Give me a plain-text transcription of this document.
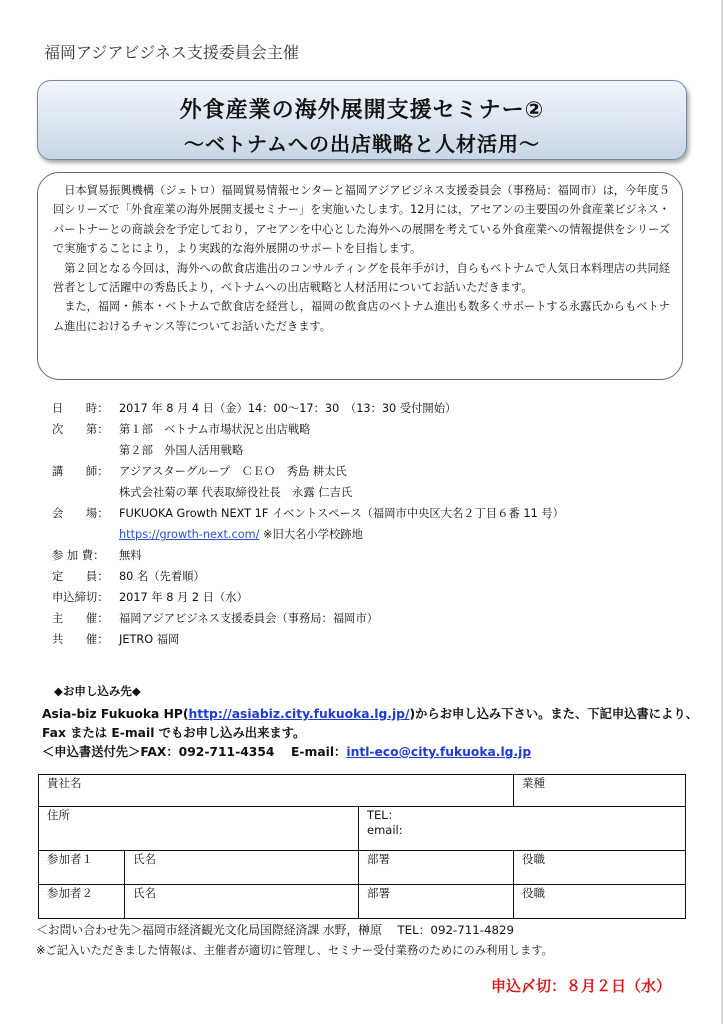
福岡アジアビジネス支援委員会主催
外食産業の海外展開支援セミナー②
～ベトナムへの出店戦略と人材活用～

日本貿易振興機構（ジェトロ）福岡貿易情報センターと福岡アジアビジネス支援委員会（事務局：福岡市）は，今年度５回シリーズで「外食産業の海外展開支援セミナー」を実施いたします。12月には，アセアンの主要国の外食産業ビジネス・パートナーとの商談会を予定しており，アセアンを中心とした海外への展開を考えている外食産業への情報提供をシリーズで実施することにより，より実践的な海外展開のサポートを目指します。

第２回となる今回は，海外への飲食店進出のコンサルティングを長年手がけ，自らもベトナムで人気日本料理店の共同経営者として活躍中の秀島氏より，ベトナムへの出店戦略と人材活用についてお話いただきます。

また，福岡・熊本・ベトナムで飲食店を経営し，福岡の飲食店のベトナム進出も数多くサポートする永露氏からもベトナム進出におけるチャンス等についてお話いただきます。

日　　時： 2017 年 8 月 4 日（金）14：00～17：30　（13：30 受付開始）
次　　第： 第１部　ベトナム市場状況と出店戦略
第２部　外国人活用戦略
講　　師： アジアスターグループ　ＣＥＯ　秀島 耕太氏
株式会社菊の華 代表取締役社長　永露 仁吉氏
会　　場： FUKUOKA Growth NEXT 1F イベントスペース（福岡市中央区大名２丁目６番 11 号）
https://growth-next.com/ ※旧大名小学校跡地
参 加 費：	無料
定　　員： 80 名（先着順）
申込締切： 2017 年 8 月 2 日（水）
主　　催： 福岡アジアビジネス支援委員会（事務局：福岡市）
共　　催： JETRO 福岡
◆お申し込み先◆
Asia-biz Fukuoka HP(http://asiabiz.city.fukuoka.lg.jp/)からお申し込み下さい。また、下記申込書により、
Fax または E-mail でもお申し込み出来ます。
＜申込書送付先＞FAX：092-711-4354　 E-mail：intl-eco@city.fukuoka.lg.jp
貴社名			業種
住所		TEL：
email:	

参加者１	氏名	部署	役職
参加者２	氏名	部署	役職
＜お問い合わせ先＞福岡市経済観光文化局国際経済課 水野，榊原　 TEL：092-711-4829
※ご記入いただきました情報は、主催者が適切に管理し、セミナー受付業務のためにのみ利用します。
申込〆切：８月２日（水）
